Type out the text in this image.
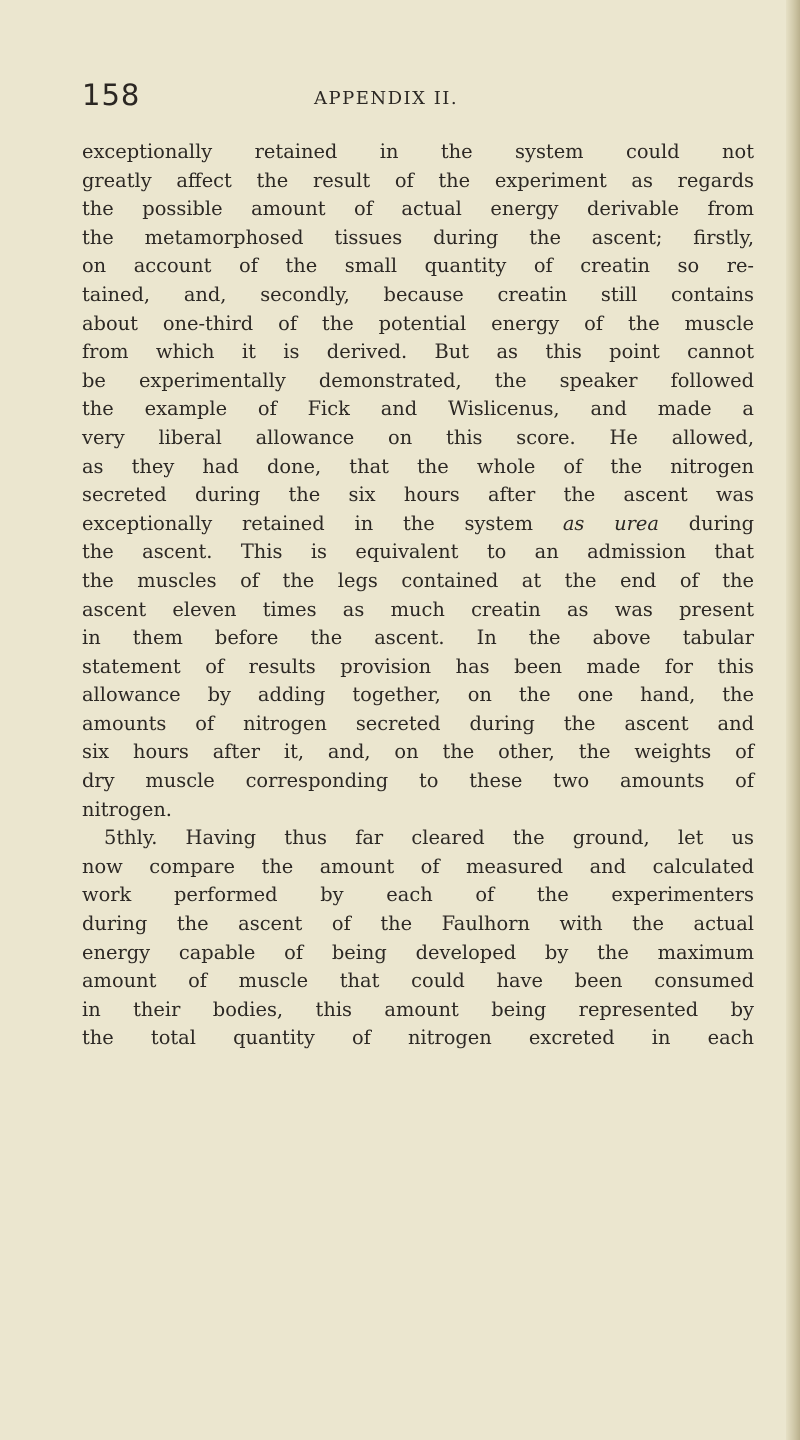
158	APPENDIX II.
exceptionally retained in the system could not
greatly affect the result of the experiment as regards
the possible amount of actual energy derivable from
the metamorphosed tissues during the ascent; firstly,
on account of the small quantity of creatin so re-
tained, and, secondly, because creatin still contains
about one-third of the potential energy of the muscle
from which it is derived. But as this point cannot
be experimentally demonstrated, the speaker followed
the example of Fick and Wislicenus, and made a
very liberal allowance on this score. He allowed,
as they had done, that the whole of the nitrogen
secreted during the six hours after the ascent was
exceptionally retained in the system as urea during
the ascent. This is equivalent to an admission that
the muscles of the legs contained at the end of the
ascent eleven times as much creatin as was present
in them before the ascent. In the above tabular
statement of results provision has been made for this
allowance by adding together, on the one hand, the
amounts of nitrogen secreted during the ascent and
six hours after it, and, on the other, the weights of
dry muscle corresponding to these two amounts of
nitrogen.
5thly. Having thus far cleared the ground, let us
now compare the amount of measured and calculated
work performed by each of the experimenters
during the ascent of the Faulhorn with the actual
energy capable of being developed by the maximum
amount of muscle that could have been consumed
in their bodies, this amount being represented by
the total quantity of nitrogen excreted in each
